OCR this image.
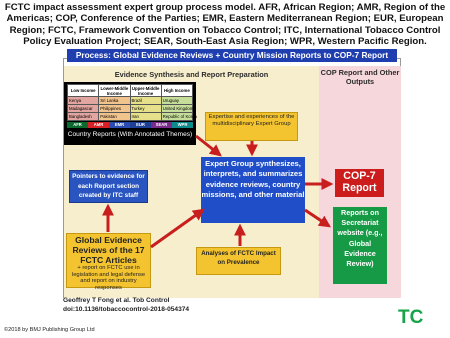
FCTC impact assessment expert group process model. AFR, African Region; AMR, Region of the Americas; COP, Conference of the Parties; EMR, Eastern Mediterranean Region; EUR, European Region; FCTC, Framework Convention on Tobacco Control; ITC, International Tobacco Control Policy Evaluation Project; SEAR, South-East Asia Region; WPR, Western Pacific Region.
Process: Global Evidence Reviews + Country Mission Reports to COP-7 Report
Evidence Synthesis and Report Preparation	COP Report and Other Outputs
Low Income	Lower-Middle Income	Upper-Middle Income	High Income
Kenya	Sri Lanka	Brazil	Uruguay
Madagascar	Philippines	Turkey	United Kingdom
Bangladesh	Pakistan	Iran	Republic of Korea
AFR	AMR	EMR	EUR	SEAR	WPR
Country Reports (With Annotated Themes)
Expertise and experiences of the multidisciplinary Expert Group
Pointers to evidence for each Report section created by ITC staff
Expert Group synthesizes, interprets, and summarizes evidence reviews, country missions, and other material
Global Evidence Reviews of the 17 FCTC Articles
+ report on FCTC use in legislation and legal defense and report on industry responses
Analyses of FCTC Impact on Prevalence
COP-7 Report
Reports on Secretariat website (e.g., Global Evidence Review)
Geoffrey T Fong et al. Tob Control
doi:10.1136/tobaccocontrol-2018-054374
©2018 by BMJ Publishing Group Ltd
TC
